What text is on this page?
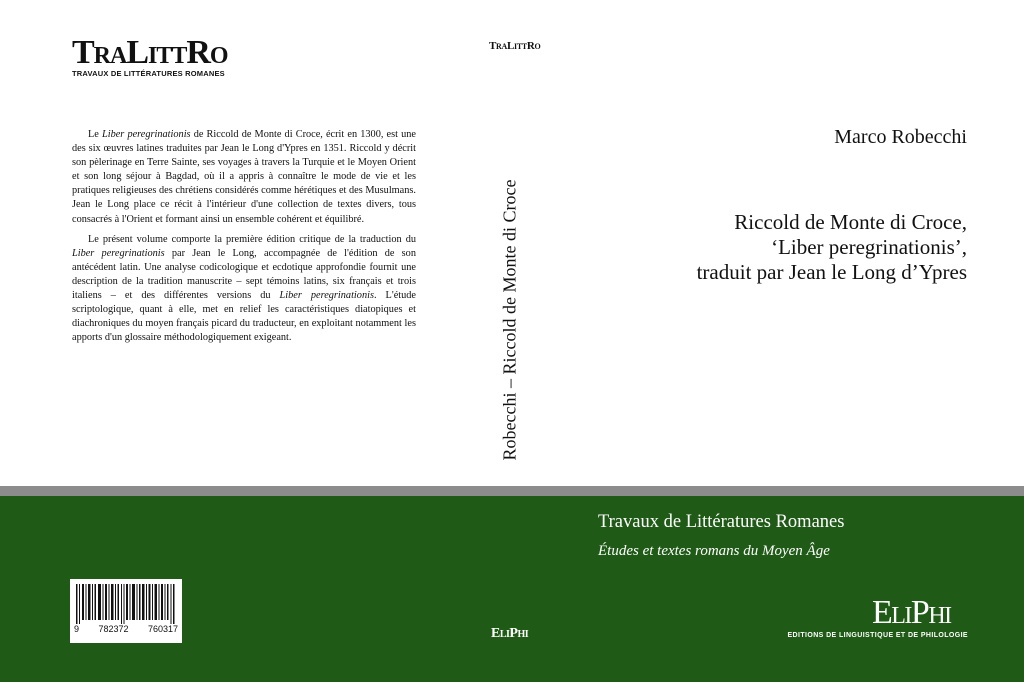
TraLittRo
TRAVAUX DE LITTÉRATURES ROMANES

Le Liber peregrinationis de Riccold de Monte di Croce, écrit en 1300, est une des six œuvres latines traduites par Jean le Long d'Ypres en 1351. Riccold y décrit son pèlerinage en Terre Sainte, ses voyages à travers la Turquie et le Moyen Orient et son long séjour à Bagdad, où il a appris à connaître le mode de vie et les pratiques religieuses des chrétiens considérés comme hérétiques et des Musulmans. Jean le Long place ce récit à l'intérieur d'une collection de textes divers, tous consacrés à l'Orient et formant ainsi un ensemble cohérent et équilibré.

Le présent volume comporte la première édition critique de la traduction du Liber peregrinationis par Jean le Long, accompagnée de l'édition de son antécédent latin. Une analyse codicologique et ecdotique approfondie fournit une description de la tradition manuscrite – sept témoins latins, six français et trois italiens – et des différentes versions du Liber peregrinationis. L'étude scriptologique, quant à elle, met en relief les caractéristiques diatopiques et diachroniques du moyen français picard du traducteur, en exploitant notamment les apports d'un glossaire méthodologiquement exigeant.

TraLittRo
Robecchi – Riccold de Monte di Croce
Marco Robecchi
Riccold de Monte di Croce,
‘Liber peregrinationis’,
traduit par Jean le Long d’Ypres
Travaux de Littératures Romanes
Études et textes romans du Moyen Âge
9 782372 760317	EliPhi
EliPhi
EDITIONS DE LINGUISTIQUE ET DE PHILOLOGIE
